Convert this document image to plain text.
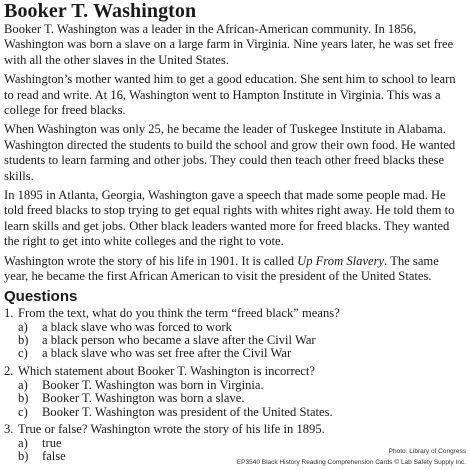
Booker T. Washington

Booker T. Washington was a leader in the African-American community. In 1856, Washington was born a slave on a large farm in Virginia. Nine years later, he was set free with all the other slaves in the United States.

Washington’s mother wanted him to get a good education. She sent him to school to learn to read and write. At 16, Washington went to Hampton Institute in Virginia. This was a college for freed blacks.

When Washington was only 25, he became the leader of Tuskegee Institute in Alabama. Washington directed the students to build the school and grow their own food. He wanted students to learn farming and other jobs. They could then teach other freed blacks these skills.

In 1895 in Atlanta, Georgia, Washington gave a speech that made some people mad. He told freed blacks to stop trying to get equal rights with whites right away. He told them to learn skills and get jobs. Other black leaders wanted more for freed blacks. They wanted the right to get into white colleges and the right to vote.

Washington wrote the story of his life in 1901. It is called Up From Slavery. The same year, he became the first African American to visit the president of the United States.

Questions
1. From the text, what do you think the term “freed black” means?
a)	a black slave who was forced to work
b)	a black person who became a slave after the Civil War
c)	a black slave who was set free after the Civil War
2. Which statement about Booker T. Washington is incorrect?
a)	Booker T. Washington was born in Virginia.
b)	Booker T. Washington was born a slave.
c)	Booker T. Washington was president of the United States.
3. True or false? Washington wrote the story of his life in 1895.
a)	true
b)	false	Photo: Library of Congress
EP3540 Black History Reading Comprehension Cards © Lab Safety Supply Inc.
